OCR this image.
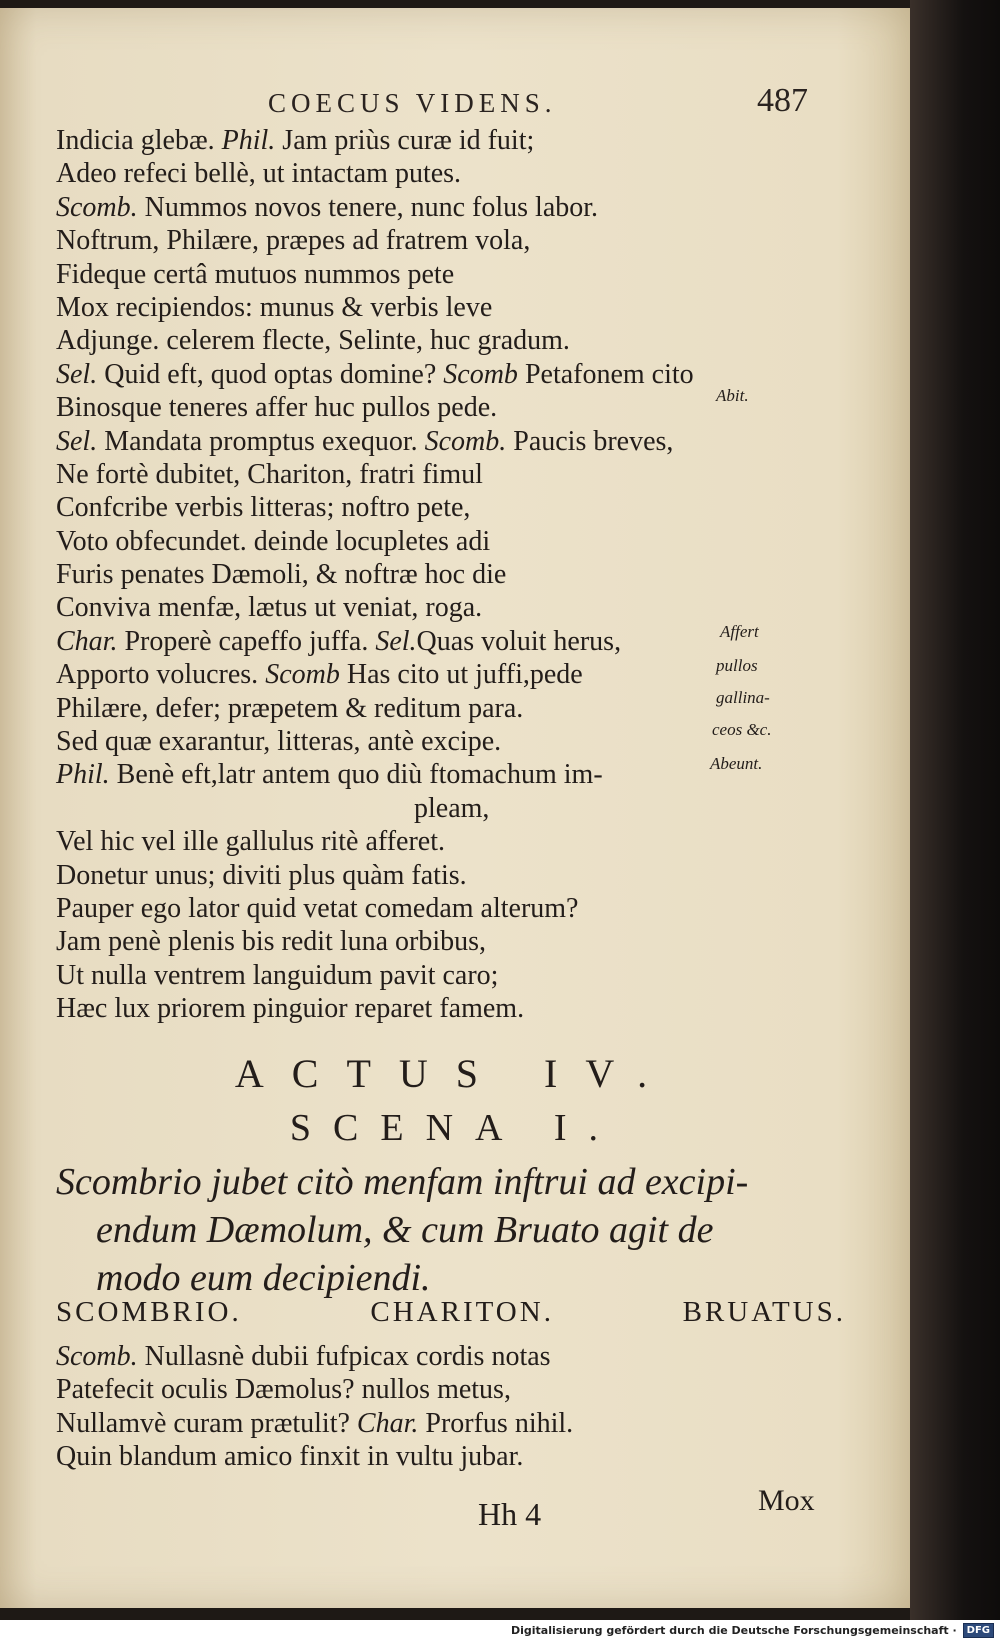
COECUS VIDENS.	487
Indicia glebæ. Phil. Jam priùs curæ id fuit;
Adeo refeci bellè, ut intactam putes.
Scomb. Nummos novos tenere, nunc folus labor.
Noftrum, Philære, præpes ad fratrem vola,
Fideque certâ mutuos nummos pete
Mox recipiendos: munus & verbis leve
Adjunge. celerem flecte, Selinte, huc gradum.
Sel. Quid eft, quod optas domine? Scomb Petafonem cito
Binosque teneres affer huc pullos pede.
Sel. Mandata promptus exequor. Scomb. Paucis breves,
Ne fortè dubitet, Chariton, fratri fimul
Confcribe verbis litteras; noftro pete,
Voto obfecundet. deinde locupletes adi
Furis penates Dæmoli, & noftræ hoc die
Conviva menfæ, lætus ut veniat, roga.
Char. Properè capeffo juffa. Sel.Quas voluit herus,
Apporto volucres. Scomb Has cito ut juffi,pede
Philære, defer; præpetem & reditum para.
Sed quæ exarantur, litteras, antè excipe.
Phil. Benè eft,latr antem quo diù ftomachum im-
pleam,
Vel hic vel ille gallulus ritè afferet.
Donetur unus; diviti plus quàm fatis.
Pauper ego lator quid vetat comedam alterum?
Jam penè plenis bis redit luna orbibus,
Ut nulla ventrem languidum pavit caro;
Hæc lux priorem pinguior reparet famem.
Abit.
Affert
pullos
gallina-
ceos &c.
Abeunt.
ACTUS IV.
SCENA I.
Scombrio jubet citò menfam inftrui ad excipi-
endum Dæmolum, & cum Bruato agit de
modo eum decipiendi.
SCOMBRIO.	CHARITON.	BRUATUS.
Scomb. Nullasnè dubii fufpicax cordis notas
Patefecit oculis Dæmolus? nullos metus,
Nullamvè curam prætulit? Char. Prorfus nihil.
Quin blandum amico finxit in vultu jubar.
Hh 4	Mox
Digitalisierung gefördert durch die Deutsche Forschungsgemeinschaft ·	DFG
